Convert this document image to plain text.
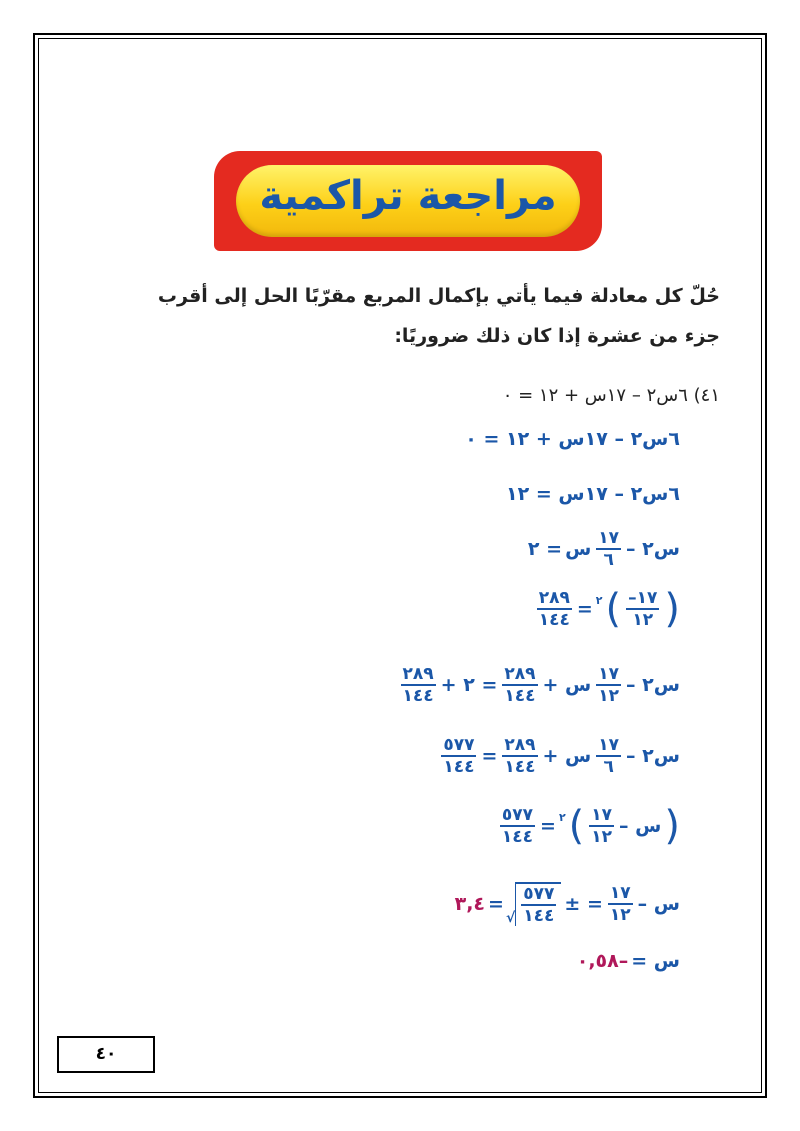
مراجعة تراكمية
حُلّ كل معادلة فيما يأتي بإكمال المربع مقرّبًا الحل إلى أقرب
جزء من عشرة إذا كان ذلك ضروريًا:
٤١) ٦س٢ – ١٧س + ١٢ = ٠
٦س٢ – ١٧س + ١٢ = ٠
٦س٢ – ١٧س = ١٢
س٢ –
$\frac{١٧}{٦}$
س
= ٢
(
$\frac{١٧-}{١٢}$
)
٢
=
$\frac{٢٨٩}{١٤٤}$
س٢ –
$\frac{١٧}{١٢}$
س +
$\frac{٢٨٩}{١٤٤}$
= ٢ +
$\frac{٢٨٩}{١٤٤}$
س٢ –
$\frac{١٧}{٦}$
س +
$\frac{٢٨٩}{١٤٤}$
=
$\frac{٥٧٧}{١٤٤}$
(
س –
$\frac{١٧}{١٢}$
)
٢
=
$\frac{٥٧٧}{١٤٤}$
س –
$\frac{١٧}{١٢}$
= ±
$\frac{٥٧٧}{١٤٤}$
√
=
٣,٤
س =
–٠,٥٨
٤٠
